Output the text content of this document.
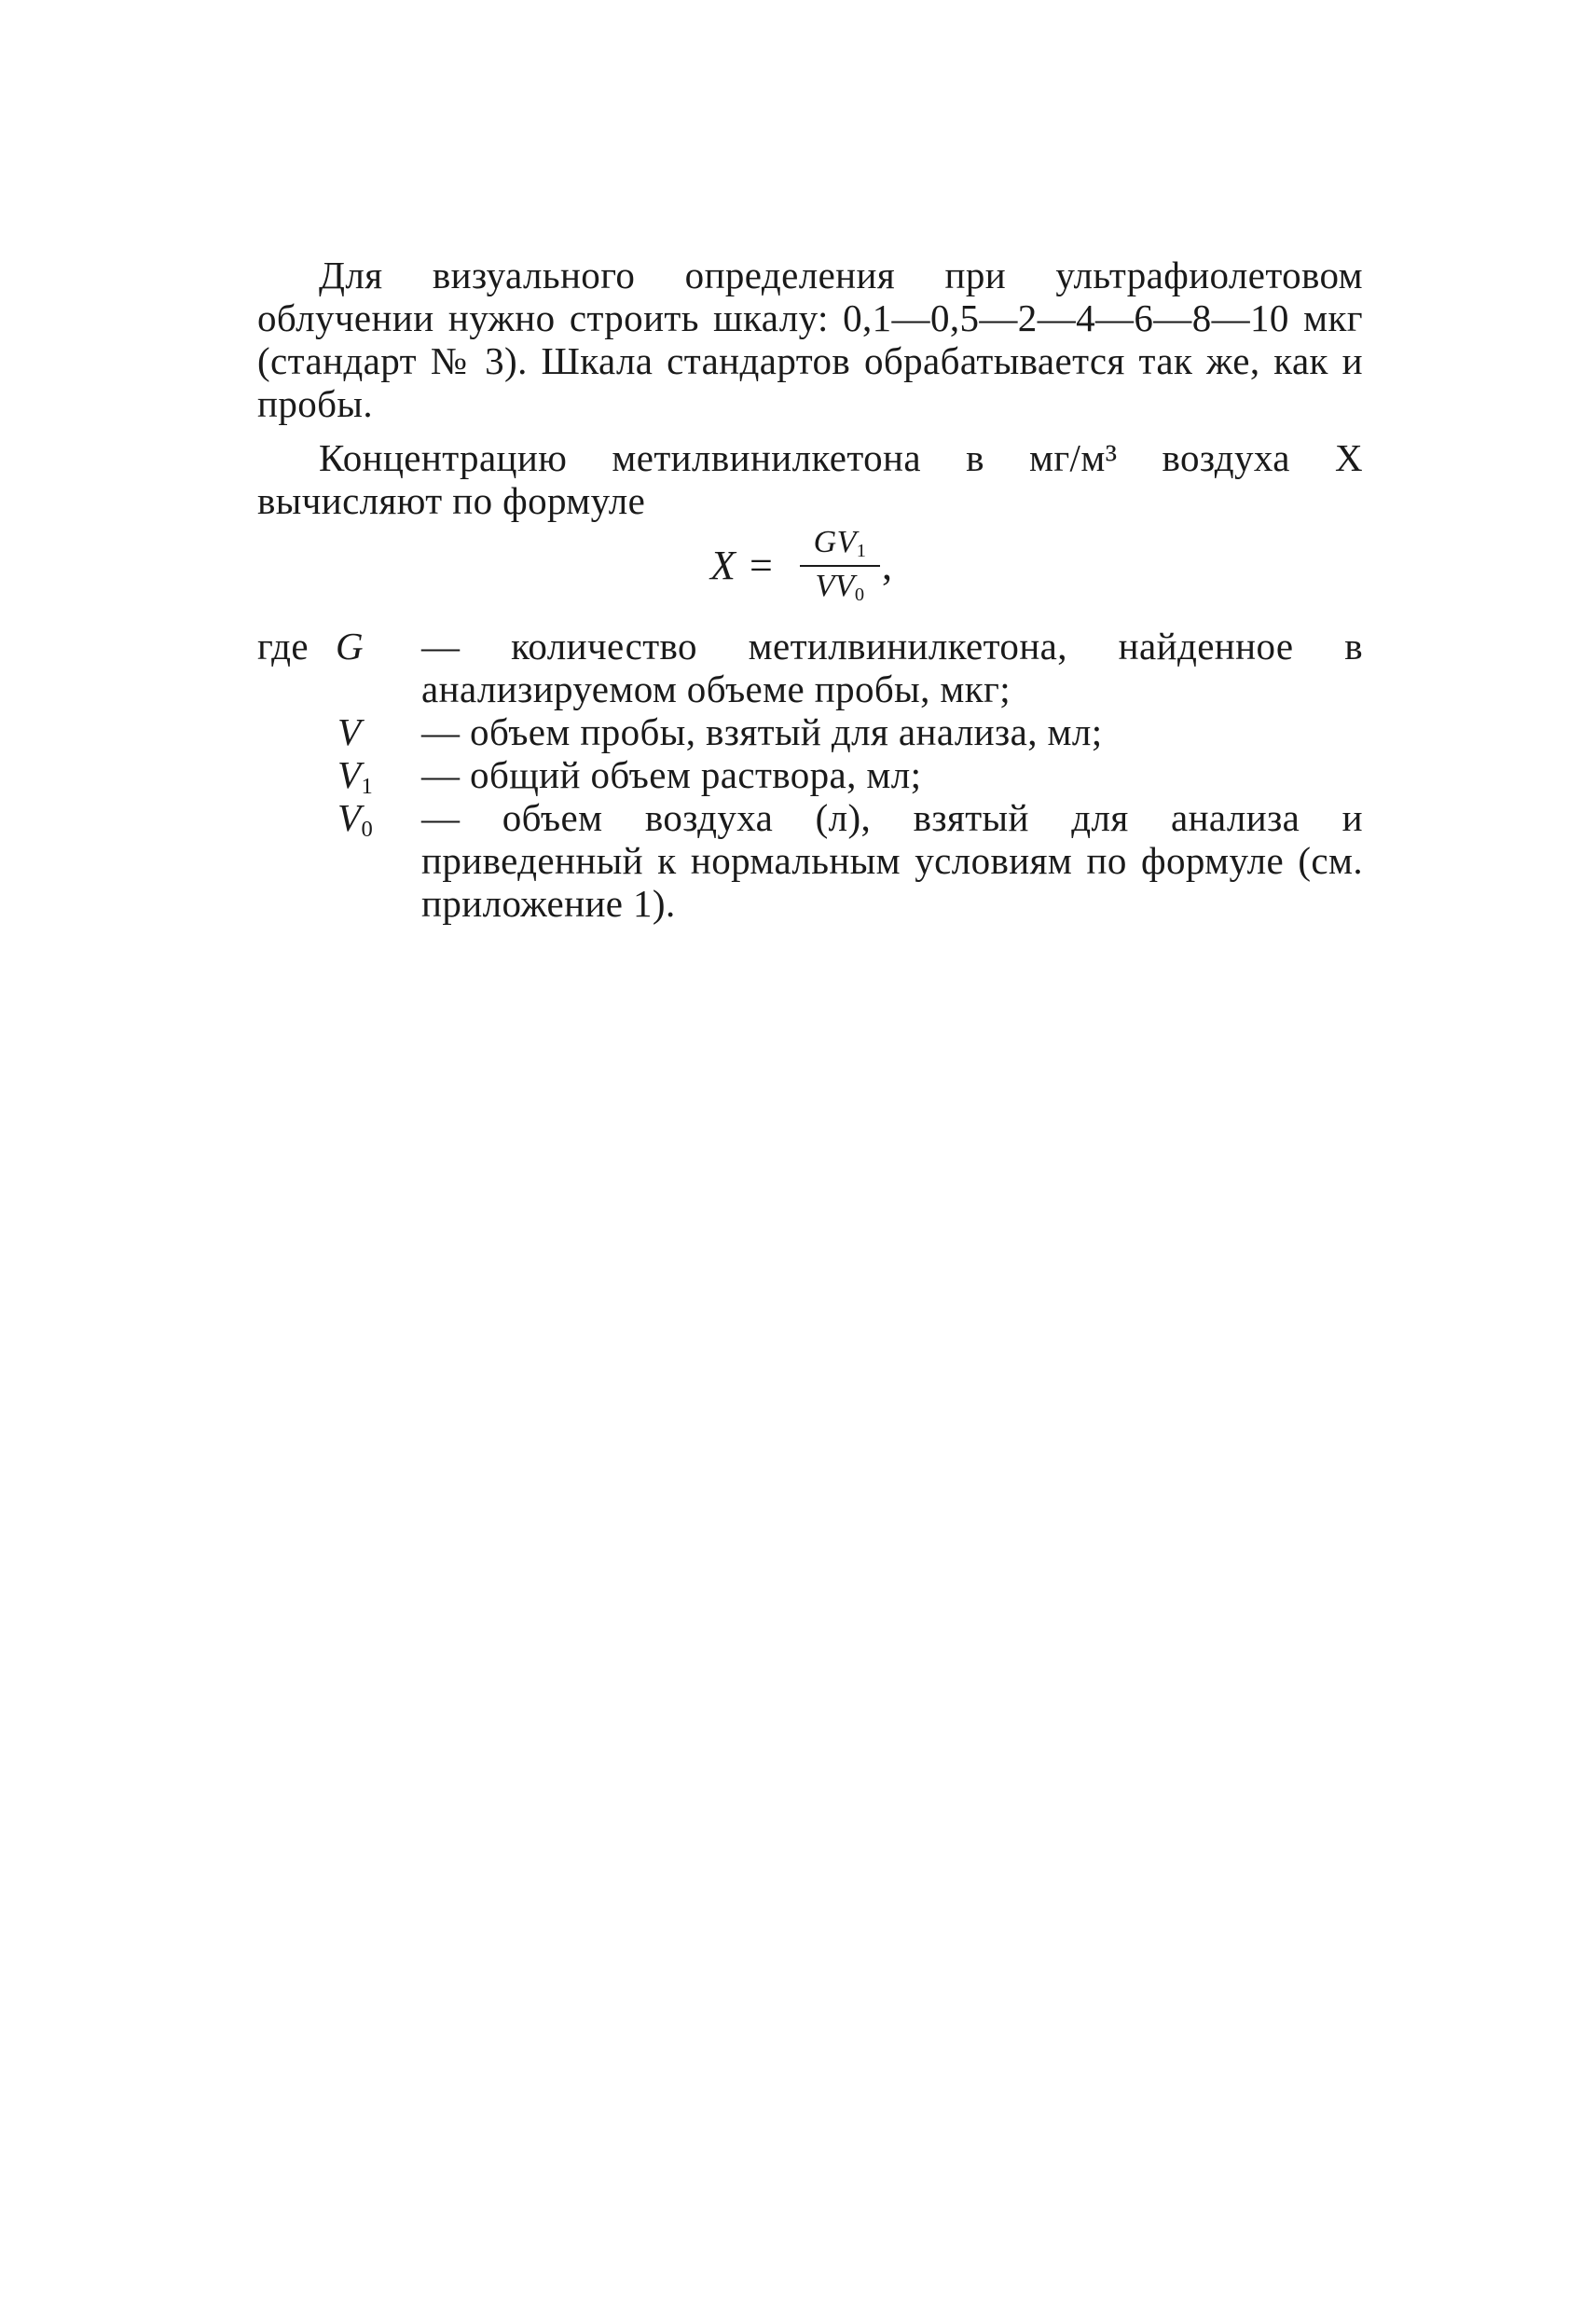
Для визуального определения при ультрафиолетовом облучении нужно строить шкалу: 0,1—0,5—2—4—6—8—10 мкг (стандарт № 3). Шкала стандартов обрабатывается так же, как и пробы.

Концентрацию метилвинилкетона в мг/м³ воздуха X вычисляют по формуле

X =
$GV_1$
$VV_0$
,
где G — количество метилвинилкетона, найденное в анализируемом объеме пробы, мкг;
V — объем пробы, взятый для анализа, мл;
$V_1$ — общий объем раствора, мл;
$V_0$ — объем воздуха (л), взятый для анализа и приведенный к нормальным условиям по формуле (см. приложение 1).
